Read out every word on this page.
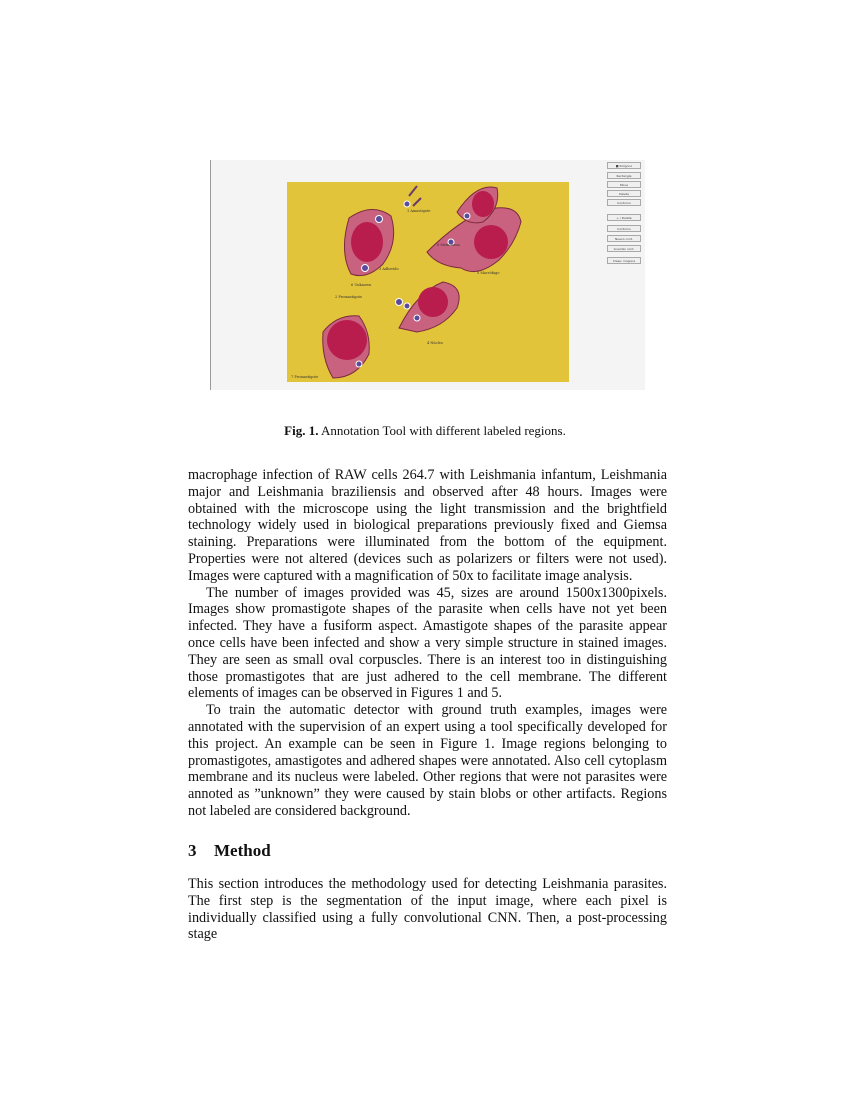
1 Amastigote
2 Promastigote
3 Adherido
4 Núcleo
5 Macrófago
6 Unknown
7 Promastigote
8 Membrana
■ Polígono
Rectangle
Move
Delete
Contorno
+ / Delete
Contorno
Nuevo cont.
Guardar cont.
Clase: ninguna
Fig. 1. Annotation Tool with different labeled regions.

macrophage infection of RAW cells 264.7 with Leishmania infantum, Leishmania major and Leishmania braziliensis and observed after 48 hours. Images were obtained with the microscope using the light transmission and the brightfield technology widely used in biological preparations previously fixed and Giemsa staining. Preparations were illuminated from the bottom of the equipment. Properties were not altered (devices such as polarizers or filters were not used). Images were captured with a magnification of 50x to facilitate image analysis.

The number of images provided was 45, sizes are around 1500x1300pixels. Images show promastigote shapes of the parasite when cells have not yet been infected. They have a fusiform aspect. Amastigote shapes of the parasite appear once cells have been infected and show a very simple structure in stained images. They are seen as small oval corpuscles. There is an interest too in distinguishing those promastigotes that are just adhered to the cell membrane. The different elements of images can be observed in Figures 1 and 5.

To train the automatic detector with ground truth examples, images were annotated with the supervision of an expert using a tool specifically developed for this project. An example can be seen in Figure 1. Image regions belonging to promastigotes, amastigotes and adhered shapes were annotated. Also cell cytoplasm membrane and its nucleus were labeled. Other regions that were not parasites were annoted as ”unknown” they were caused by stain blobs or other artifacts. Regions not labeled are considered background.

3 Method

This section introduces the methodology used for detecting Leishmania parasites. The first step is the segmentation of the input image, where each pixel is individually classified using a fully convolutional CNN. Then, a post-processing stage
